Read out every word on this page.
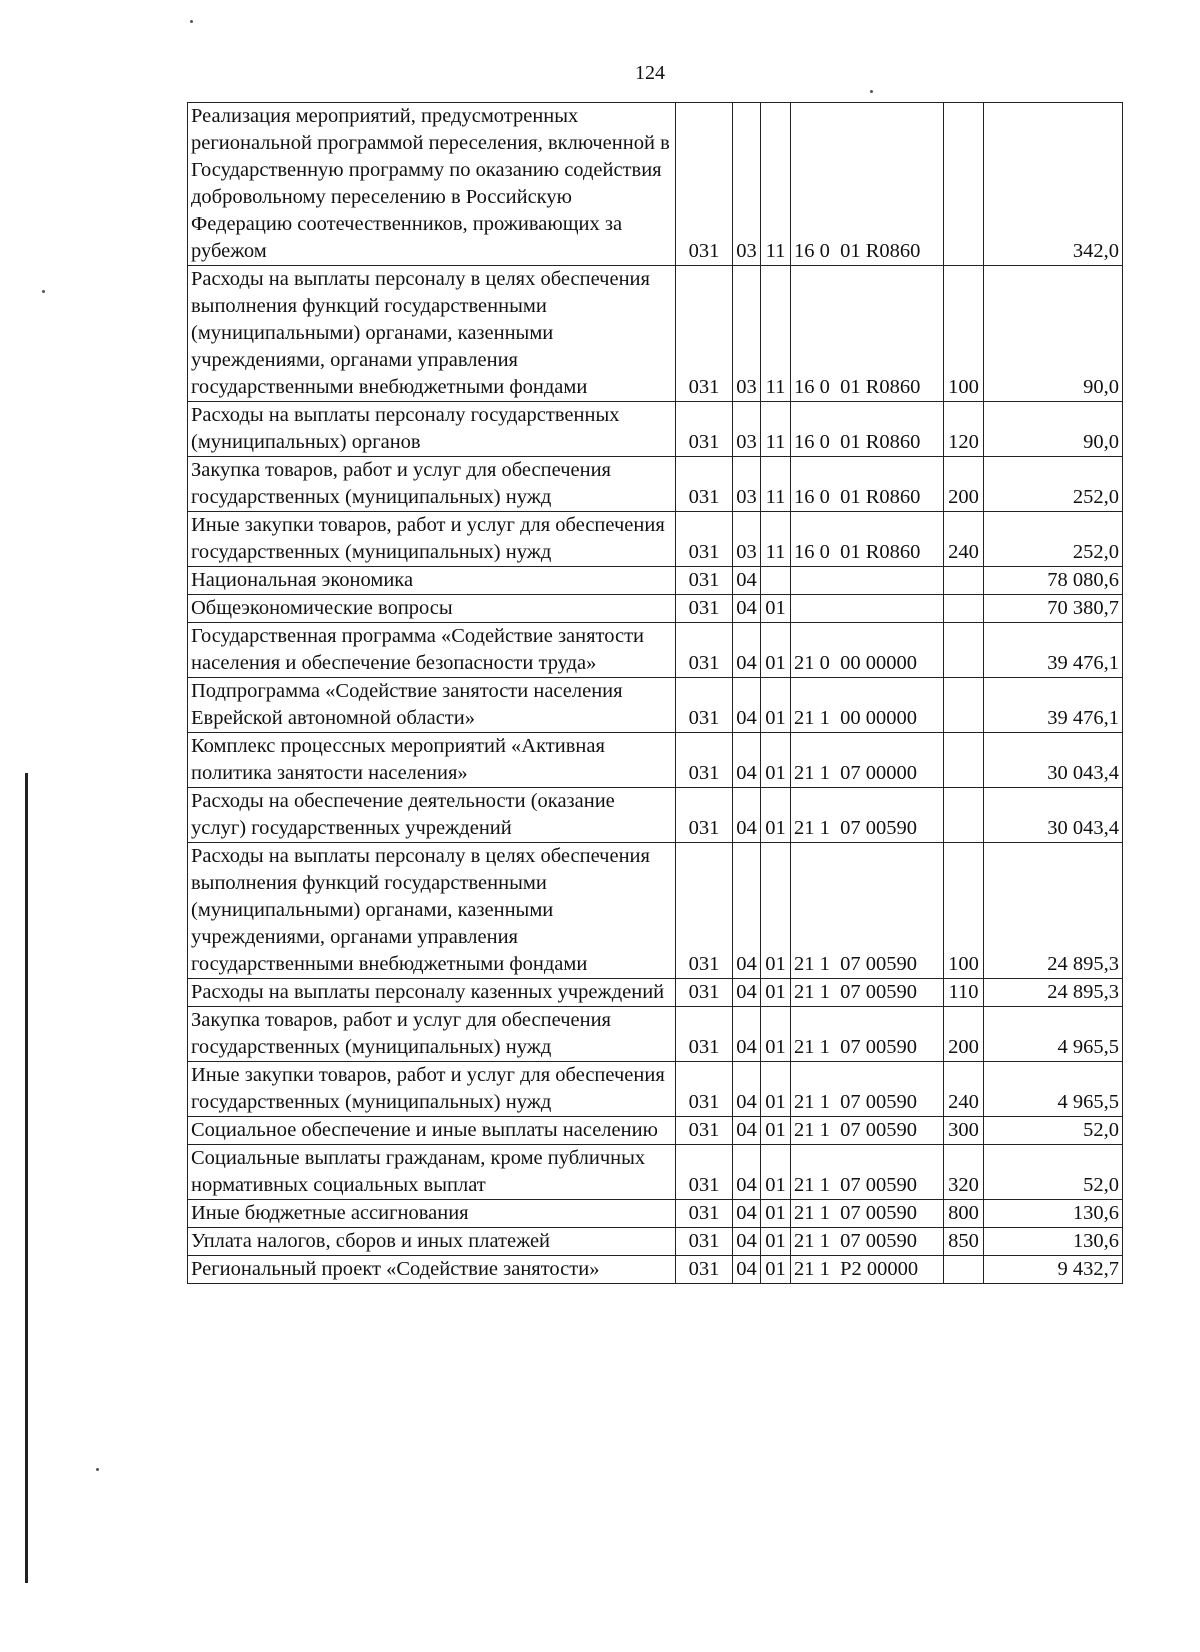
124
Реализация мероприятий, предусмотренных региональной программой переселения, включенной в Государственную программу по оказанию содействия добровольному переселению в Российскую Федерацию соотечественников, проживающих за рубежом	031	03	11	16 0  01 R0860		342,0
Расходы на выплаты персоналу в целях обеспечения выполнения функций государственными (муниципальными) органами, казенными учреждениями, органами управления государственными внебюджетными фондами	031	03	11	16 0  01 R0860	100	90,0
Расходы на выплаты персоналу государственных (муниципальных) органов	031	03	11	16 0  01 R0860	120	90,0
Закупка товаров, работ и услуг для обеспечения государственных (муниципальных) нужд	031	03	11	16 0  01 R0860	200	252,0
Иные закупки товаров, работ и услуг для обеспечения государственных (муниципальных) нужд	031	03	11	16 0  01 R0860	240	252,0
Национальная экономика	031	04				78 080,6
Общеэкономические вопросы	031	04	01			70 380,7
Государственная программа «Содействие занятости населения и обеспечение безопасности труда»	031	04	01	21 0  00 00000		39 476,1
Подпрограмма «Содействие занятости населения Еврейской автономной области»	031	04	01	21 1  00 00000		39 476,1
Комплекс процессных мероприятий «Активная политика занятости населения»	031	04	01	21 1  07 00000		30 043,4
Расходы на обеспечение деятельности (оказание услуг) государственных учреждений	031	04	01	21 1  07 00590		30 043,4
Расходы на выплаты персоналу в целях обеспечения выполнения функций государственными (муниципальными) органами, казенными учреждениями, органами управления государственными внебюджетными фондами	031	04	01	21 1  07 00590	100	24 895,3
Расходы на выплаты персоналу казенных учреждений	031	04	01	21 1  07 00590	110	24 895,3
Закупка товаров, работ и услуг для обеспечения государственных (муниципальных) нужд	031	04	01	21 1  07 00590	200	4 965,5
Иные закупки товаров, работ и услуг для обеспечения государственных (муниципальных) нужд	031	04	01	21 1  07 00590	240	4 965,5
Социальное обеспечение и иные выплаты населению	031	04	01	21 1  07 00590	300	52,0
Социальные выплаты гражданам, кроме публичных нормативных социальных выплат	031	04	01	21 1  07 00590	320	52,0
Иные бюджетные ассигнования	031	04	01	21 1  07 00590	800	130,6
Уплата налогов, сборов и иных платежей	031	04	01	21 1  07 00590	850	130,6
Региональный проект «Содействие занятости»	031	04	01	21 1  P2 00000		9 432,7
